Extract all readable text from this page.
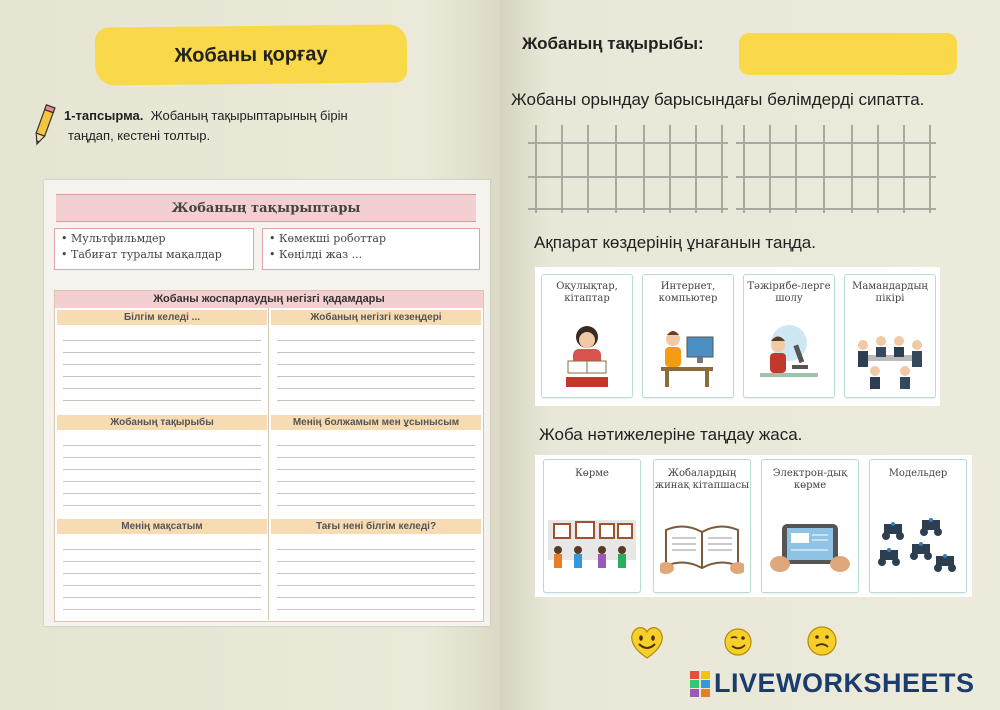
Жобаны қорғау
1-тапсырма. Жобаның тақырыптарының бірін
таңдап, кестені толтыр.
Жобаның тақырыптары
• Мультфильмдер
• Табиғат туралы мақалдар
• Көмекші роботтар
• Көңілді жаз ...
Жобаны жоспарлаудың негізгі қадамдары
Білгім келеді ...	Жобаның негізгі кезеңдері
Жобаның тақырыбы	Менің болжамым мен ұсынысым
Менің мақсатым	Тағы нені білгім келеді?
Жобаның тақырыбы:
Жобаны орындау барысындағы бөлімдерді сипатта.
Ақпарат көздерінің ұнағанын таңда.
Оқулықтар, кітаптар
Интернет, компьютер
Тәжірибе-лерге шолу
Мамандардың пікірі
Жоба нәтижелеріне таңдау жаса.
Көрме	Жобалардың жинақ кітапшасы
Электрон-дық көрме
Модельдер
LIVEWORKSHEETS
